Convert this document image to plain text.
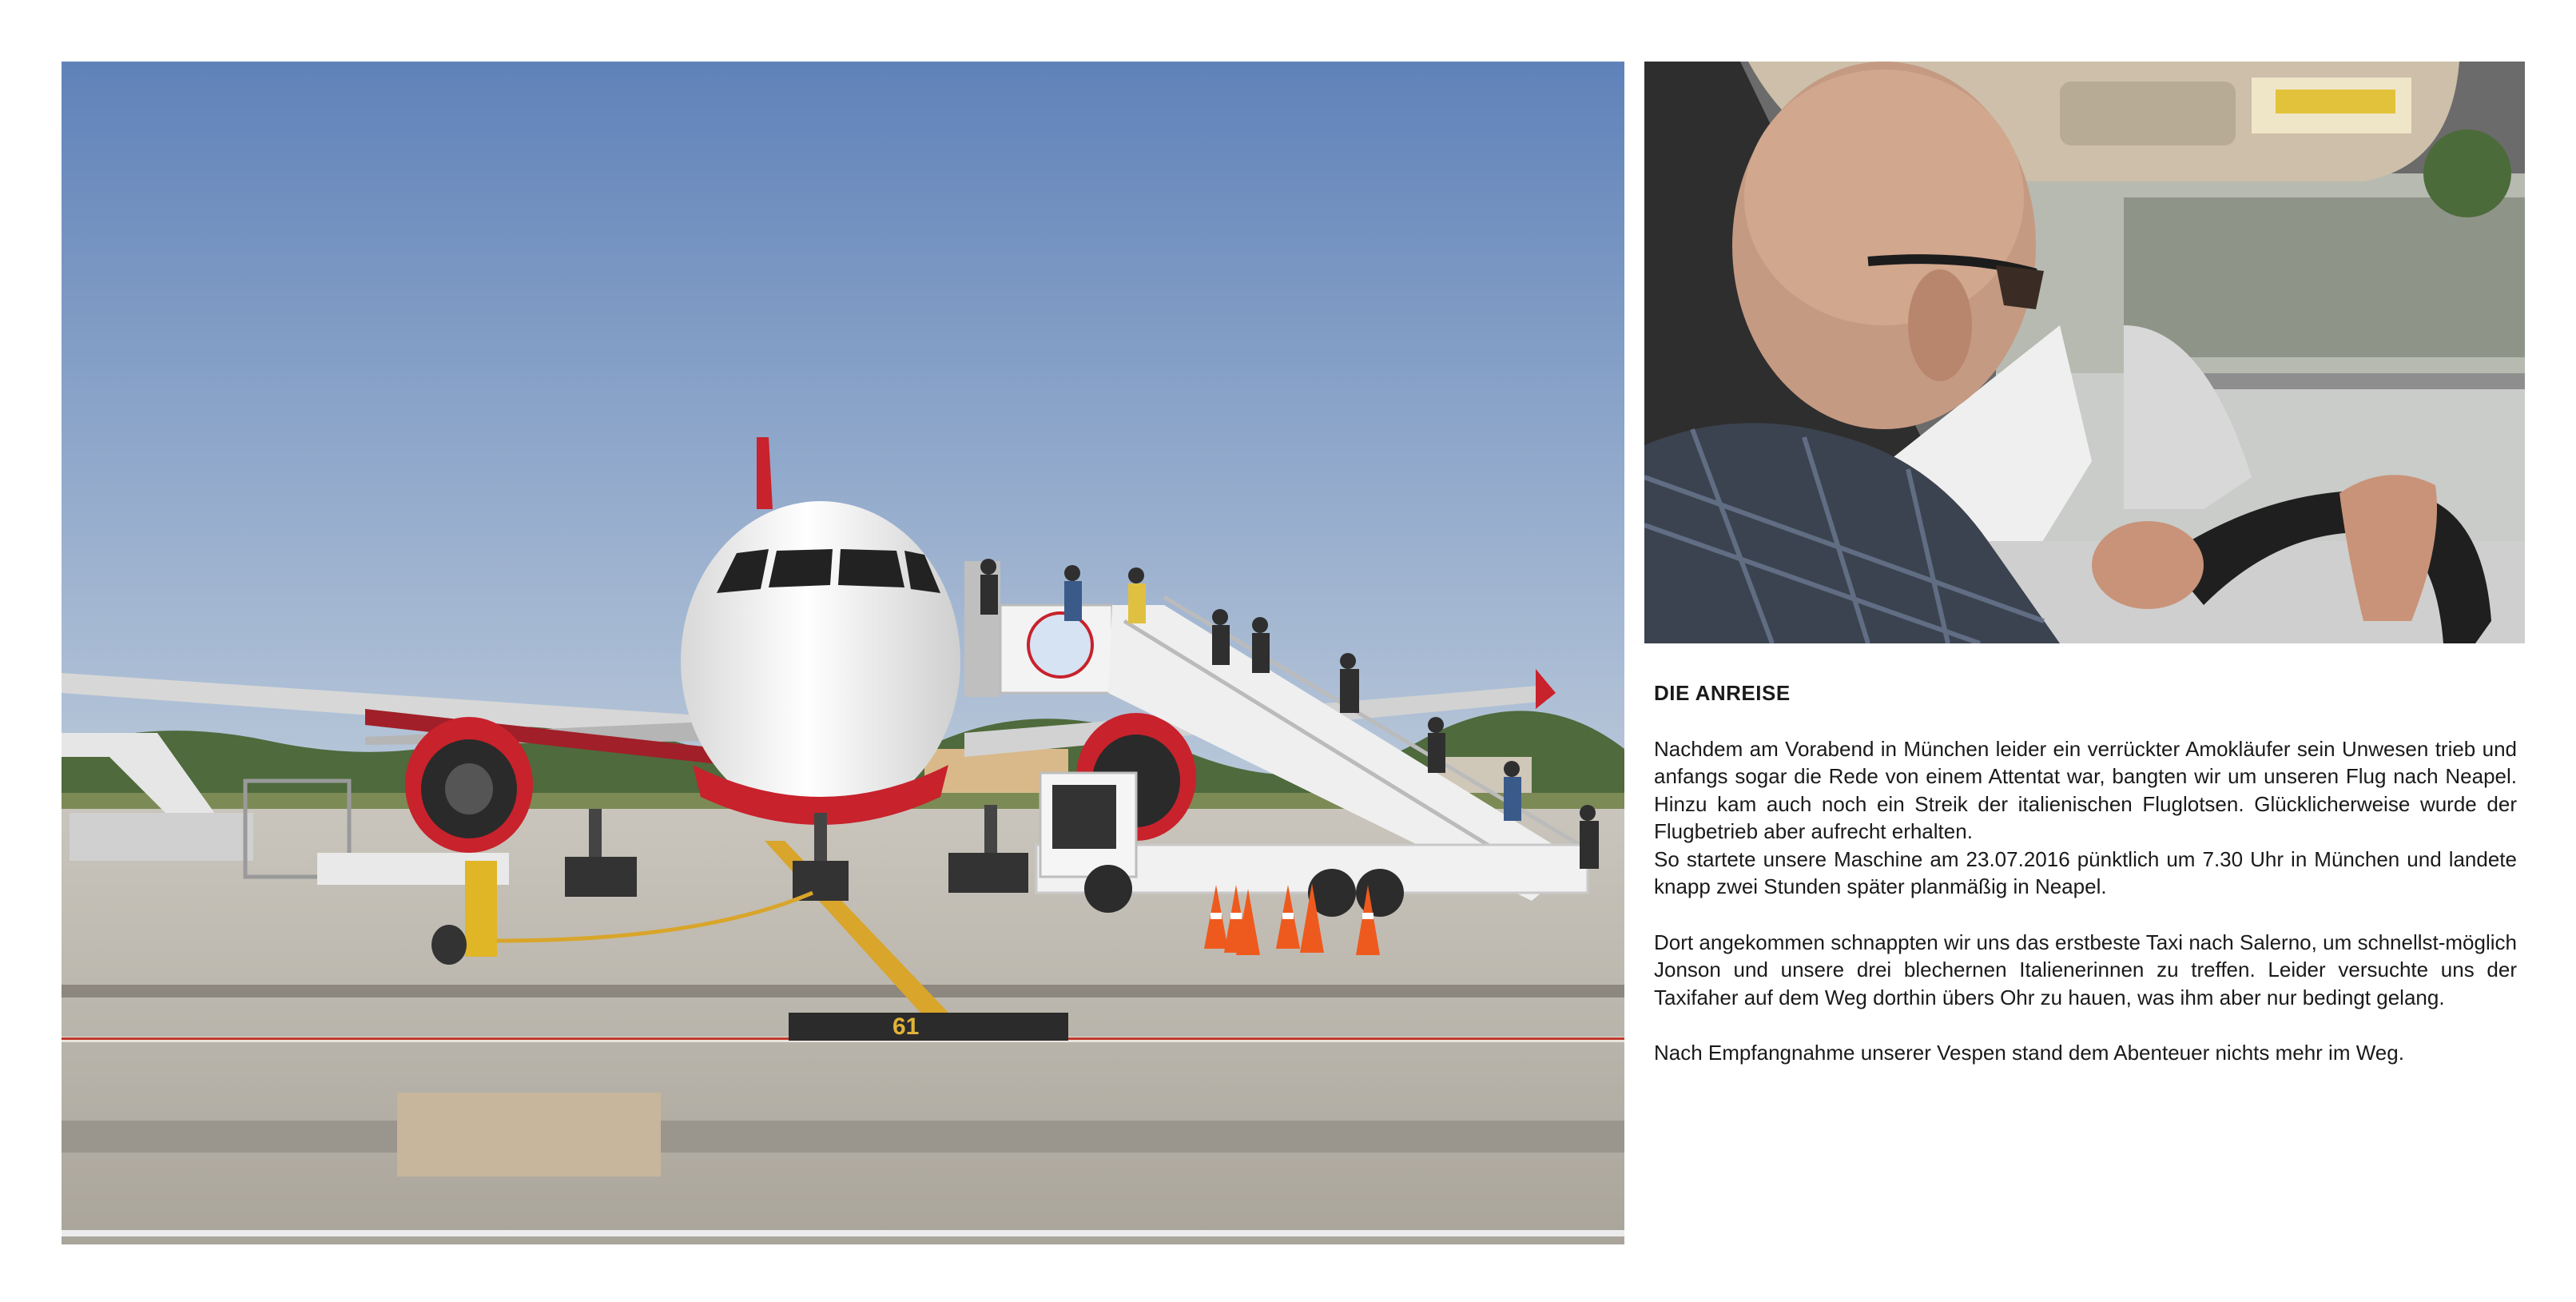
61
DIE ANREISE

Nachdem am Vorabend in München leider ein verrückter Amokläufer sein Unwesen trieb und anfangs sogar die Rede von einem Attentat war, bangten wir um unseren Flug nach Neapel. Hinzu kam auch noch ein Streik der italienischen Fluglotsen. Glücklicherweise wurde der Flugbetrieb aber aufrecht erhalten.

So startete unsere Maschine am 23.07.2016 pünktlich um 7.30 Uhr in München und landete knapp zwei Stunden später planmäßig in Neapel.

Dort angekommen schnappten wir uns das erstbeste Taxi nach Salerno, um schnellst-möglich Jonson und unsere drei blechernen Italienerinnen zu treffen. Leider versuchte uns der Taxifaher auf dem Weg dorthin übers Ohr zu hauen, was ihm aber nur bedingt gelang.

Nach Empfangnahme unserer Vespen stand dem Abenteuer nichts mehr im Weg.
